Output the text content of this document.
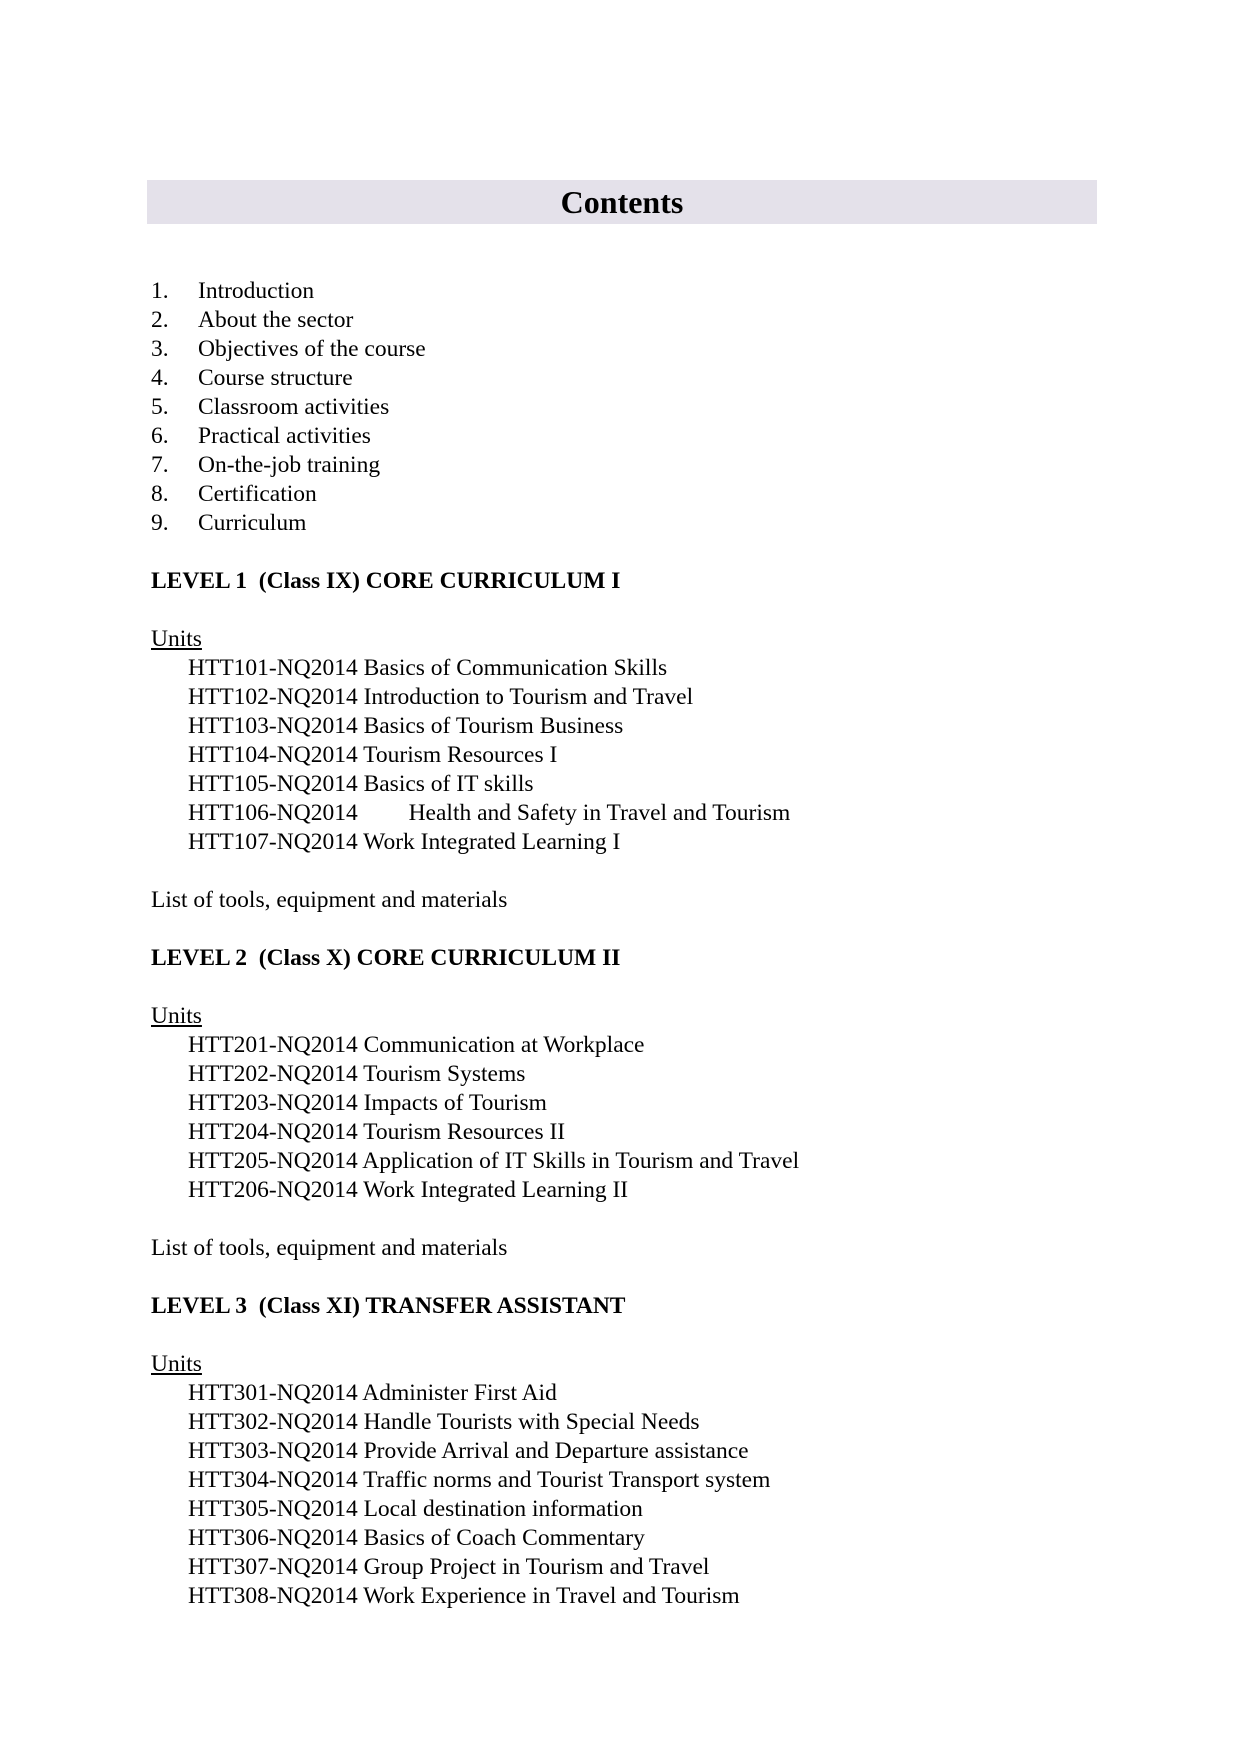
Contents
1.	Introduction
2.	About the sector
3.	Objectives of the course
4.	Course structure
5.	Classroom activities
6.	Practical activities
7.	On-the-job training
8.	Certification
9.	Curriculum
LEVEL 1  (Class IX) CORE CURRICULUM I
Units
HTT101-NQ2014 Basics of Communication Skills
HTT102-NQ2014 Introduction to Tourism and Travel
HTT103-NQ2014 Basics of Tourism Business
HTT104-NQ2014 Tourism Resources I
HTT105-NQ2014 Basics of IT skills
HTT106-NQ2014 Health and Safety in Travel and Tourism
HTT107-NQ2014 Work Integrated Learning I
List of tools, equipment and materials
LEVEL 2  (Class X) CORE CURRICULUM II
Units
HTT201-NQ2014 Communication at Workplace
HTT202-NQ2014 Tourism Systems
HTT203-NQ2014 Impacts of Tourism
HTT204-NQ2014 Tourism Resources II
HTT205-NQ2014 Application of IT Skills in Tourism and Travel
HTT206-NQ2014 Work Integrated Learning II
List of tools, equipment and materials
LEVEL 3  (Class XI) TRANSFER ASSISTANT
Units
HTT301-NQ2014 Administer First Aid
HTT302-NQ2014 Handle Tourists with Special Needs
HTT303-NQ2014 Provide Arrival and Departure assistance
HTT304-NQ2014 Traffic norms and Tourist Transport system
HTT305-NQ2014 Local destination information
HTT306-NQ2014 Basics of Coach Commentary
HTT307-NQ2014 Group Project in Tourism and Travel
HTT308-NQ2014 Work Experience in Travel and Tourism
